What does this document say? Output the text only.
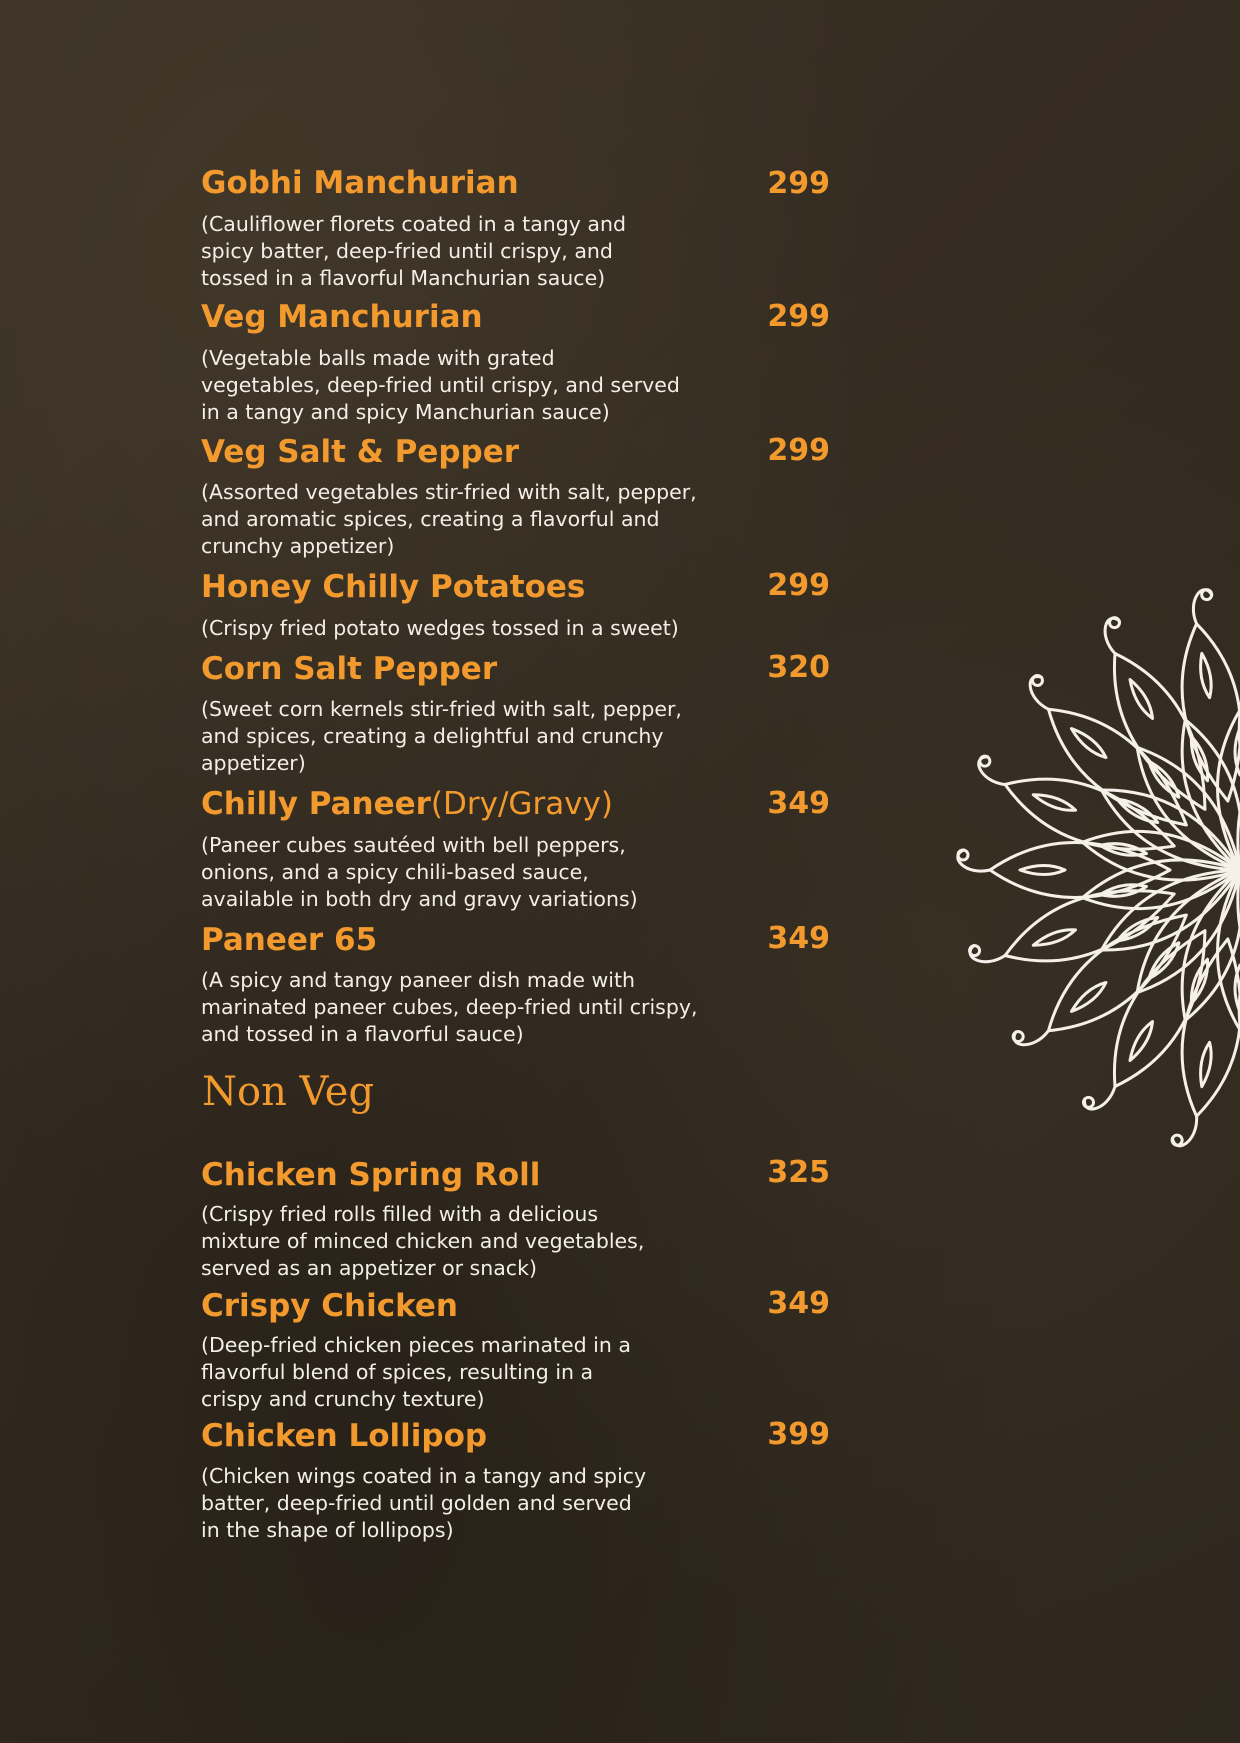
Gobhi Manchurian	299

(Cauliflower florets coated in a tangy and
spicy batter, deep-fried until crispy, and
tossed in a flavorful Manchurian sauce)

Veg Manchurian	299

(Vegetable balls made with grated
vegetables, deep-fried until crispy, and served
in a tangy and spicy Manchurian sauce)

Veg Salt & Pepper	299

(Assorted vegetables stir-fried with salt, pepper,
and aromatic spices, creating a flavorful and
crunchy appetizer)

Honey Chilly Potatoes	299

(Crispy fried potato wedges tossed in a sweet)

Corn Salt Pepper	320

(Sweet corn kernels stir-fried with salt, pepper,
and spices, creating a delightful and crunchy
appetizer)

Chilly Paneer(Dry/Gravy)	349

(Paneer cubes sautéed with bell peppers,
onions, and a spicy chili-based sauce,
available in both dry and gravy variations)

Paneer 65	349

(A spicy and tangy paneer dish made with
marinated paneer cubes, deep-fried until crispy,
and tossed in a flavorful sauce)

Non Veg
Chicken Spring Roll	325

(Crispy fried rolls filled with a delicious
mixture of minced chicken and vegetables,
served as an appetizer or snack)

Crispy Chicken	349

(Deep-fried chicken pieces marinated in a
flavorful blend of spices, resulting in a
crispy and crunchy texture)

Chicken Lollipop	399

(Chicken wings coated in a tangy and spicy
batter, deep-fried until golden and served
in the shape of lollipops)
